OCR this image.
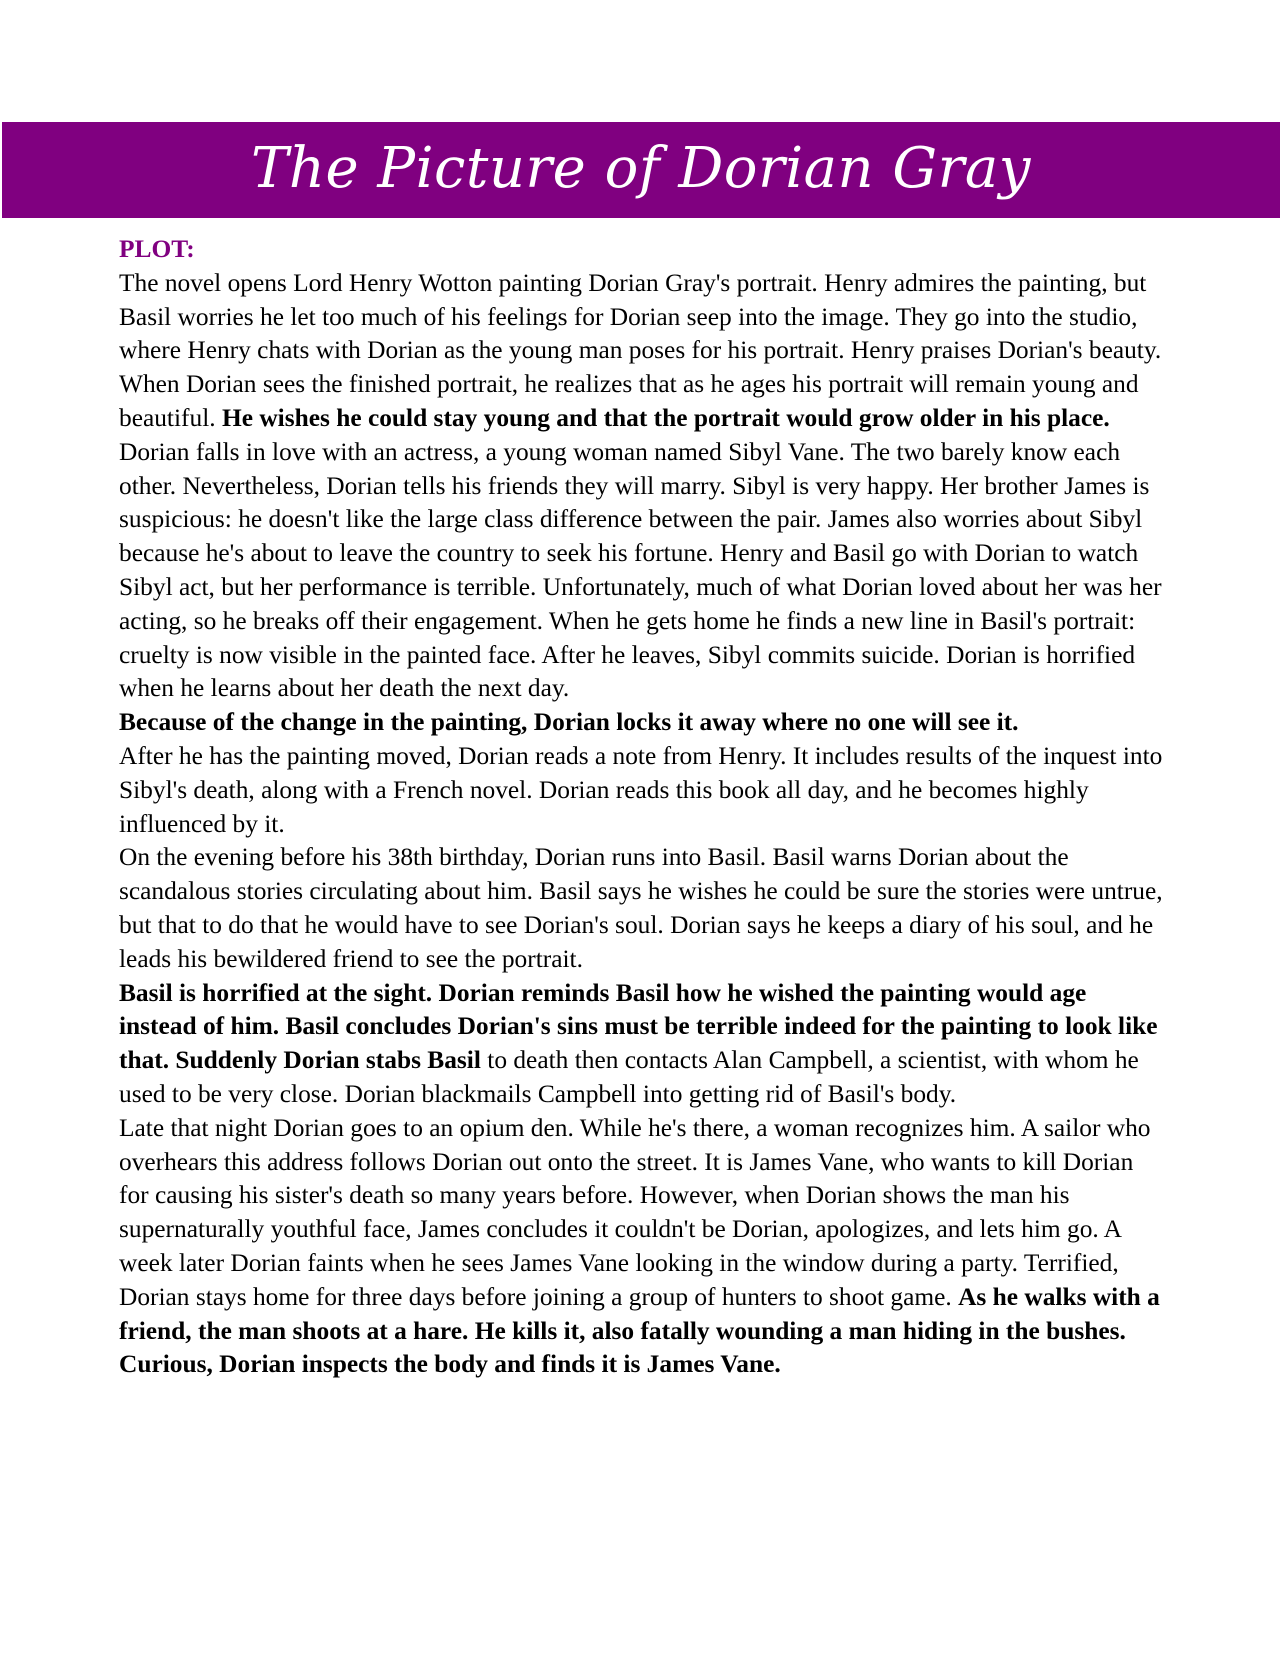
The Picture of Dorian Gray
PLOT:
The novel opens Lord Henry Wotton painting Dorian Gray's portrait. Henry admires the painting, but Basil worries he let too much of his feelings for Dorian seep into the image. They go into the studio, where Henry chats with Dorian as the young man poses for his portrait. Henry praises Dorian's beauty. When Dorian sees the finished portrait, he realizes that as he ages his portrait will remain young and beautiful. He wishes he could stay young and that the portrait would grow older in his place.
Dorian falls in love with an actress, a young woman named Sibyl Vane. The two barely know each other. Nevertheless, Dorian tells his friends they will marry. Sibyl is very happy. Her brother James is suspicious: he doesn't like the large class difference between the pair. James also worries about Sibyl because he's about to leave the country to seek his fortune. Henry and Basil go with Dorian to watch Sibyl act, but her performance is terrible. Unfortunately, much of what Dorian loved about her was her acting, so he breaks off their engagement. When he gets home he finds a new line in Basil's portrait: cruelty is now visible in the painted face. After he leaves, Sibyl commits suicide. Dorian is horrified when he learns about her death the next day.
Because of the change in the painting, Dorian locks it away where no one will see it.
After he has the painting moved, Dorian reads a note from Henry. It includes results of the inquest into Sibyl's death, along with a French novel. Dorian reads this book all day, and he becomes highly influenced by it.
On the evening before his 38th birthday, Dorian runs into Basil. Basil warns Dorian about the scandalous stories circulating about him. Basil says he wishes he could be sure the stories were untrue, but that to do that he would have to see Dorian's soul. Dorian says he keeps a diary of his soul, and he leads his bewildered friend to see the portrait.
Basil is horrified at the sight. Dorian reminds Basil how he wished the painting would age instead of him. Basil concludes Dorian's sins must be terrible indeed for the painting to look like that. Suddenly Dorian stabs Basil to death then contacts Alan Campbell, a scientist, with whom he used to be very close. Dorian blackmails Campbell into getting rid of Basil's body.
Late that night Dorian goes to an opium den. While he's there, a woman recognizes him. A sailor who overhears this address follows Dorian out onto the street. It is James Vane, who wants to kill Dorian for causing his sister's death so many years before. However, when Dorian shows the man his supernaturally youthful face, James concludes it couldn't be Dorian, apologizes, and lets him go. A week later Dorian faints when he sees James Vane looking in the window during a party. Terrified, Dorian stays home for three days before joining a group of hunters to shoot game. As he walks with a friend, the man shoots at a hare. He kills it, also fatally wounding a man hiding in the bushes. Curious, Dorian inspects the body and finds it is James Vane.
